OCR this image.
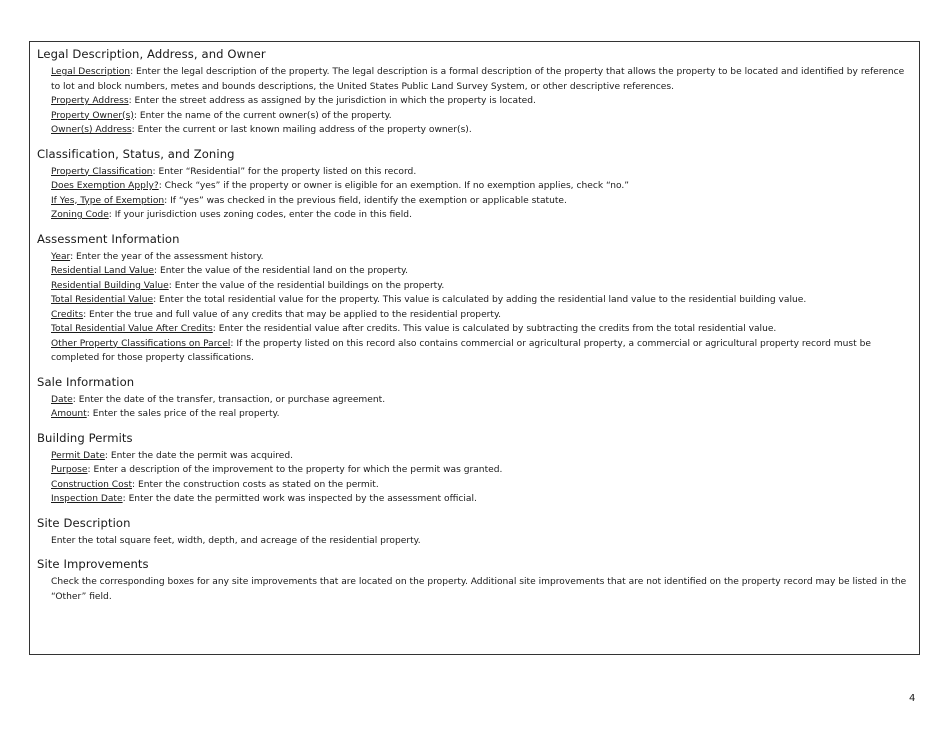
Legal Description, Address, and Owner

Legal Description: Enter the legal description of the property. The legal description is a formal description of the property that allows the property to be located and identified by reference to lot and block numbers, metes and bounds descriptions, the United States Public Land Survey System, or other descriptive references.

Property Address: Enter the street address as assigned by the jurisdiction in which the property is located.

Property Owner(s): Enter the name of the current owner(s) of the property.

Owner(s) Address: Enter the current or last known mailing address of the property owner(s).

Classification, Status, and Zoning

Property Classification: Enter “Residential” for the property listed on this record.

Does Exemption Apply?: Check “yes” if the property or owner is eligible for an exemption. If no exemption applies, check “no.”

If Yes, Type of Exemption: If “yes” was checked in the previous field, identify the exemption or applicable statute.

Zoning Code: If your jurisdiction uses zoning codes, enter the code in this field.

Assessment Information

Year: Enter the year of the assessment history.

Residential Land Value: Enter the value of the residential land on the property.

Residential Building Value: Enter the value of the residential buildings on the property.

Total Residential Value: Enter the total residential value for the property. This value is calculated by adding the residential land value to the residential building value.

Credits: Enter the true and full value of any credits that may be applied to the residential property.

Total Residential Value After Credits: Enter the residential value after credits. This value is calculated by subtracting the credits from the total residential value.

Other Property Classifications on Parcel: If the property listed on this record also contains commercial or agricultural property, a commercial or agricultural property record must be completed for those property classifications.

Sale Information

Date: Enter the date of the transfer, transaction, or purchase agreement.

Amount: Enter the sales price of the real property.

Building Permits

Permit Date: Enter the date the permit was acquired.

Purpose: Enter a description of the improvement to the property for which the permit was granted.

Construction Cost: Enter the construction costs as stated on the permit.

Inspection Date: Enter the date the permitted work was inspected by the assessment official.

Site Description

Enter the total square feet, width, depth, and acreage of the residential property.

Site Improvements

Check the corresponding boxes for any site improvements that are located on the property. Additional site improvements that are not identified on the property record may be listed in the “Other” field.

4
